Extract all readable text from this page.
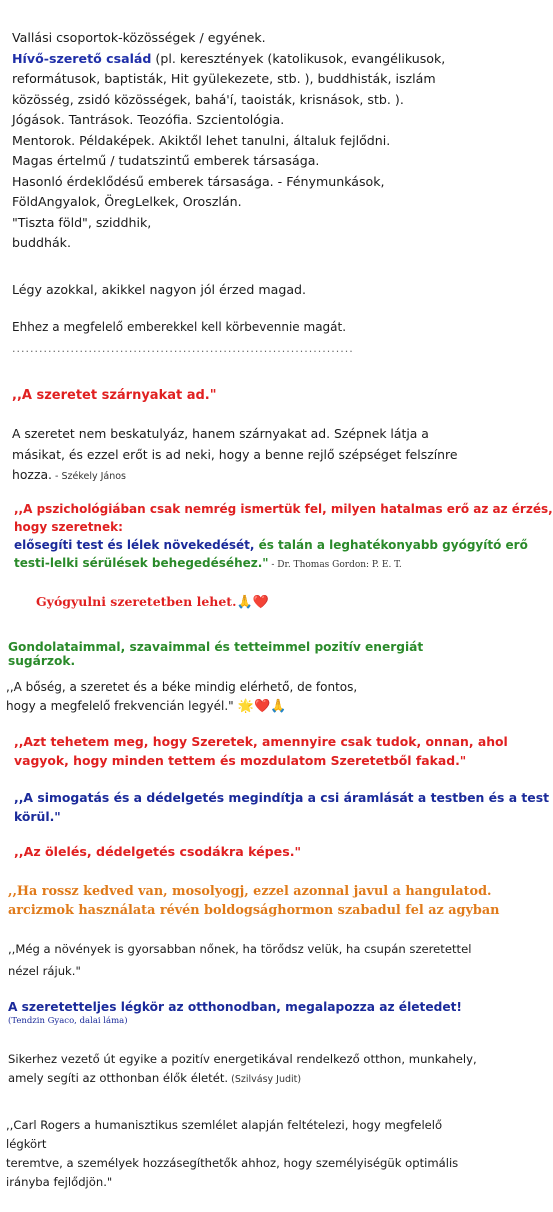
Vallási csoportok-közösségek / egyének.
Hívő-szerető család (pl. keresztények (katolikusok, evangélikusok,
reformátusok, baptisták, Hit gyülekezete, stb. ), buddhisták, iszlám
közösség, zsidó közösségek, bahá'í, taoisták, krisnások, stb. ).
Jógások. Tantrások. Teozófia. Szcientológia.
Mentorok. Példaképek. Akiktől lehet tanulni, általuk fejlődni.
Magas értelmű / tudatszintű emberek társasága.
Hasonló érdeklődésű emberek társasága. - Fénymunkások,
FöldAngyalok, ÖregLelkek, Oroszlán.
"Tiszta föld", sziddhik,
buddhák.
Légy azokkal, akikkel nagyon jól érzed magad.
Ehhez a megfelelő emberekkel kell körbevennie magát.
............................................................................
,,A szeretet szárnyakat ad."
A szeretet nem beskatulyáz, hanem szárnyakat ad. Szépnek látja a
másikat, és ezzel erőt is ad neki, hogy a benne rejlő szépséget felszínre
hozza. - Székely János
,,A pszichológiában csak nemrég ismertük fel, milyen hatalmas erő az az érzés,
hogy szeretnek:
elősegíti test és lélek növekedését, és talán a leghatékonyabb gyógyító erő
testi-lelki sérülések behegedéséhez." - Dr. Thomas Gordon: P. E. T.
Gyógyulni szeretetben lehet.🙏❤️
Gondolataimmal, szavaimmal és tetteimmel pozitív energiát sugárzok.
,,A bőség, a szeretet és a béke mindig elérhető, de fontos,
hogy a megfelelő frekvencián legyél." 🌟❤️🙏
,,Azt tehetem meg, hogy Szeretek, amennyire csak tudok, onnan, ahol
vagyok, hogy minden tettem és mozdulatom Szeretetből fakad."
,,A simogatás és a dédelgetés megindítja a csi áramlását a testben és a test
körül."
,,Az ölelés, dédelgetés csodákra képes."
,,Ha rossz kedved van, mosolyogj, ezzel azonnal javul a hangulatod.
arcizmok használata révén boldogsághormon szabadul fel az agyban
,,Még a növények is gyorsabban nőnek, ha törődsz velük, ha csupán szeretettel
nézel rájuk."
A szeretetteljes légkör az otthonodban, megalapozza az életedet!
(Tendzin Gyaco, dalai láma)
Sikerhez vezető út egyike a pozitív energetikával rendelkező otthon, munkahely,
amely segíti az otthonban élők életét. (Szilvásy Judit)
,,Carl Rogers a humanisztikus szemlélet alapján feltételezi, hogy megfelelő légkört
teremtve, a személyek hozzásegíthetők ahhoz, hogy személyiségük optimális
irányba fejlődjön."
